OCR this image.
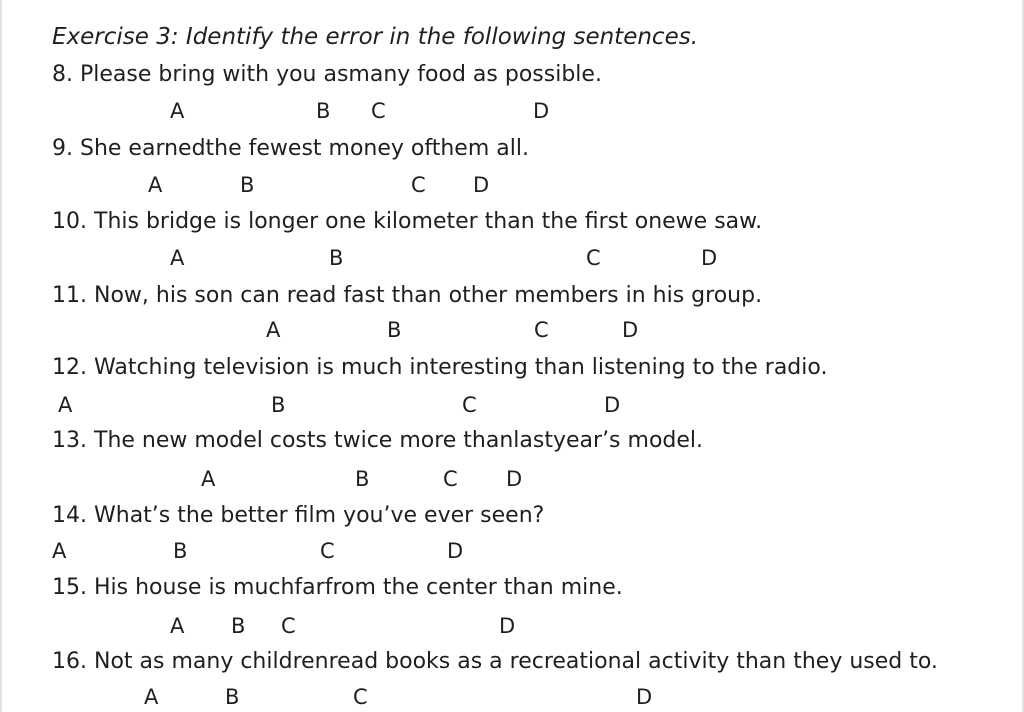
Exercise 3: Identify the error in the following sentences.
8. Please bring with you asmany food as possible.
A	B C	D
9. She earnedthe fewest money ofthem all.
A	B	C D
10. This bridge is longer one kilometer than the first onewe saw.
A	B	C	D
11. Now, his son can read fast than other members in his group.
A	B	C	D
12. Watching television is much interesting than listening to the radio.
A	B	C	D
13. The new model costs twice more thanlastyear’s model.
A	B	C D
14. What’s the better film you’ve ever seen?
A	B	C	D
15. His house is muchfarfrom the center than mine.
A B C	D
16. Not as many childrenread books as a recreational activity than they used to.
A	B	C	D
